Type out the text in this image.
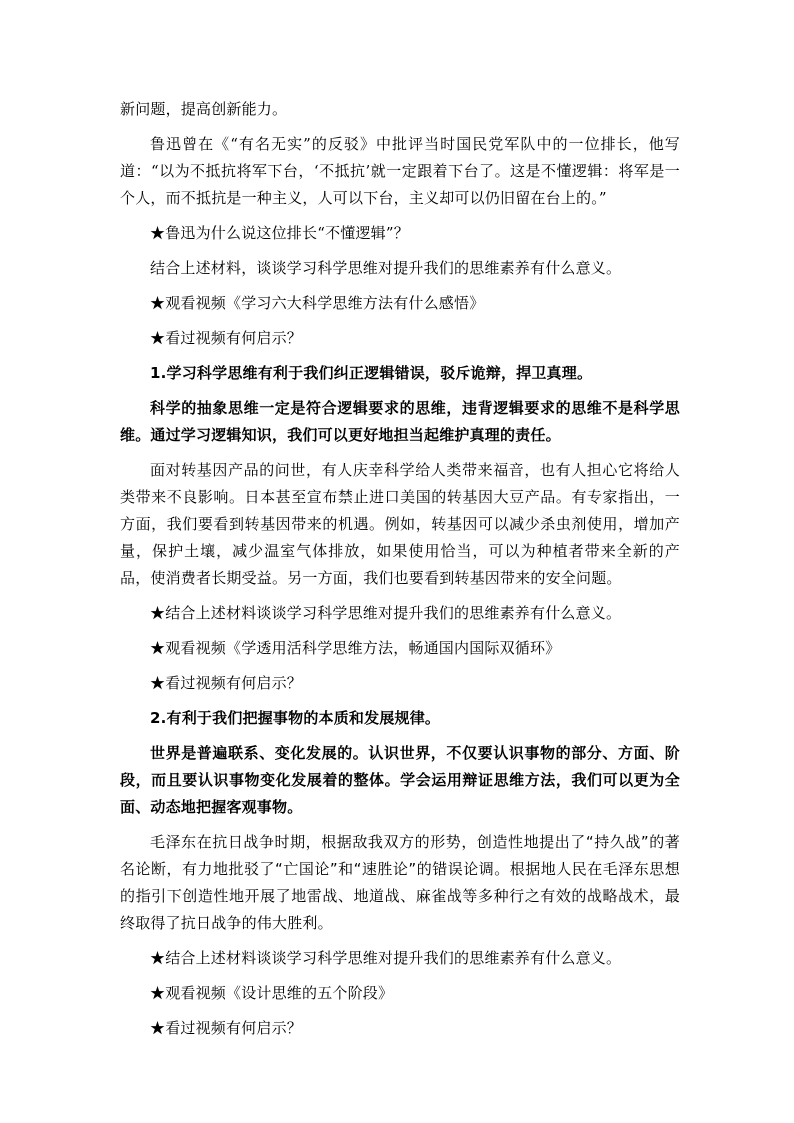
新问题，提高创新能力。

鲁迅曾在《“有名无实”的反驳》中批评当时国民党军队中的一位排长，他写道：“以为不抵抗将军下台，‘不抵抗’就一定跟着下台了。这是不懂逻辑：将军是一个人，而不抵抗是一种主义，人可以下台，主义却可以仍旧留在台上的。”

★鲁迅为什么说这位排长“不懂逻辑”？

结合上述材料，谈谈学习科学思维对提升我们的思维素养有什么意义。

★观看视频《学习六大科学思维方法有什么感悟》

★看过视频有何启示？

1.学习科学思维有利于我们纠正逻辑错误，驳斥诡辩，捍卫真理。

科学的抽象思维一定是符合逻辑要求的思维，违背逻辑要求的思维不是科学思维。通过学习逻辑知识，我们可以更好地担当起维护真理的责任。

面对转基因产品的问世，有人庆幸科学给人类带来福音，也有人担心它将给人类带来不良影响。日本甚至宣布禁止进口美国的转基因大豆产品。有专家指出，一方面，我们要看到转基因带来的机遇。例如，转基因可以减少杀虫剂使用，增加产量，保护土壤，减少温室气体排放，如果使用恰当，可以为种植者带来全新的产品，使消费者长期受益。另一方面，我们也要看到转基因带来的安全问题。

★结合上述材料谈谈学习科学思维对提升我们的思维素养有什么意义。

★观看视频《学透用活科学思维方法，畅通国内国际双循环》

★看过视频有何启示？

2.有利于我们把握事物的本质和发展规律。

世界是普遍联系、变化发展的。认识世界，不仅要认识事物的部分、方面、阶段，而且要认识事物变化发展着的整体。学会运用辩证思维方法，我们可以更为全面、动态地把握客观事物。

毛泽东在抗日战争时期，根据敌我双方的形势，创造性地提出了“持久战”的著名论断，有力地批驳了“亡国论”和“速胜论”的错误论调。根据地人民在毛泽东思想的指引下创造性地开展了地雷战、地道战、麻雀战等多种行之有效的战略战术，最终取得了抗日战争的伟大胜利。

★结合上述材料谈谈学习科学思维对提升我们的思维素养有什么意义。

★观看视频《设计思维的五个阶段》

★看过视频有何启示？
